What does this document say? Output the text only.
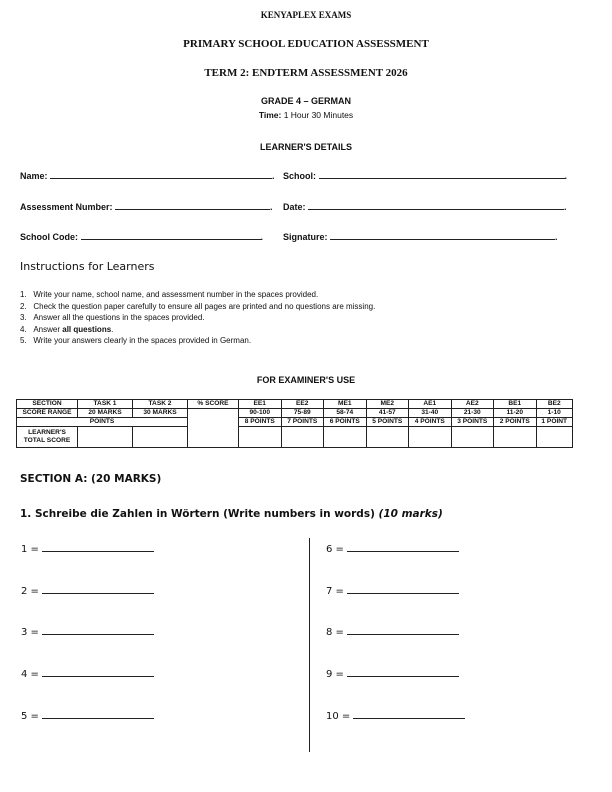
KENYAPLEX EXAMS
PRIMARY SCHOOL EDUCATION ASSESSMENT
TERM 2: ENDTERM ASSESSMENT 2026
GRADE 4 – GERMAN
Time: 1 Hour 30 Minutes
LEARNER'S DETAILS
Name:	. School:	.
Assessment Number:	. Date:	.
School Code:	. Signature:	.
Instructions for Learners
1.   Write your name, school name, and assessment number in the spaces provided.
2.   Check the question paper carefully to ensure all pages are printed and no questions are missing.
3.   Answer all the questions in the spaces provided.
4.   Answer all questions.
5.   Write your answers clearly in the spaces provided in German.
FOR EXAMINER'S USE
SECTION	TASK 1	TASK 2	% SCORE	EE1	EE2	ME1	ME2	AE1	AE2	BE1	BE2
SCORE RANGE	20 MARKS	30 MARKS		90-100	75-89	58-74	41-57	31-40	21-30	11-20	1-10
POINTS				8 POINTS	7 POINTS	6 POINTS	5 POINTS	4 POINTS	3 POINTS	2 POINTS	1 POINT
LEARNER'S TOTAL SCORE											
SECTION A: (20 MARKS)
1. Schreibe die Zahlen in Wörtern (Write numbers in words) (10 marks)
1 =
2 =
3 =
4 =
5 =
6 =
7 =
8 =
9 =
10 =
